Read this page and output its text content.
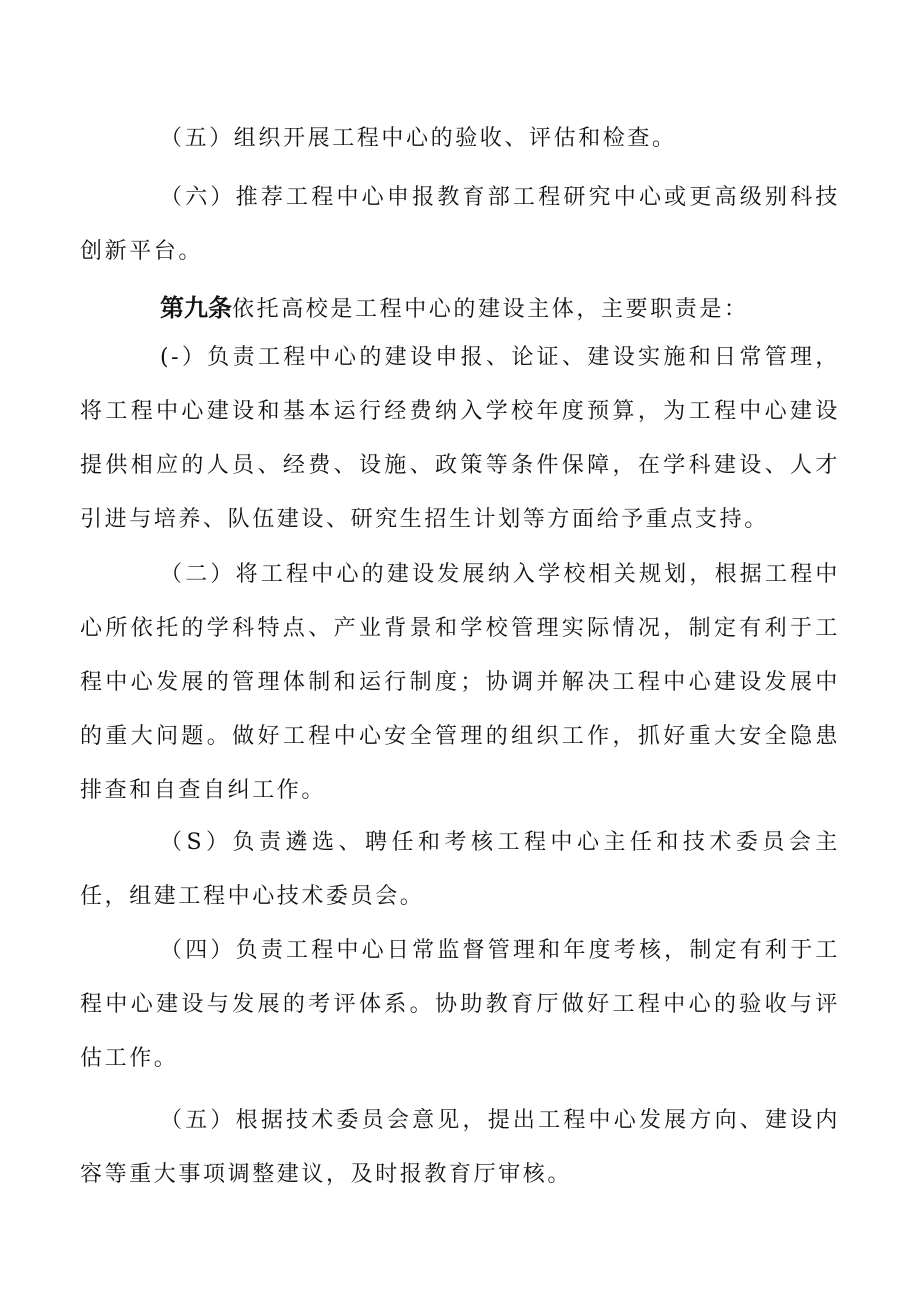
（五）组织开展工程中心的验收、评估和检查。

（六）推荐工程中心申报教育部工程研究中心或更高级别科技创新平台。

第九条依托高校是工程中心的建设主体，主要职责是：

(-）负责工程中心的建设申报、论证、建设实施和日常管理，将工程中心建设和基本运行经费纳入学校年度预算，为工程中心建设提供相应的人员、经费、设施、政策等条件保障，在学科建设、人才引进与培养、队伍建设、研究生招生计划等方面给予重点支持。

（二）将工程中心的建设发展纳入学校相关规划，根据工程中心所依托的学科特点、产业背景和学校管理实际情况，制定有利于工程中心发展的管理体制和运行制度；协调并解决工程中心建设发展中的重大问题。做好工程中心安全管理的组织工作，抓好重大安全隐患排查和自查自纠工作。

（S）负责遴选、聘任和考核工程中心主任和技术委员会主任，组建工程中心技术委员会。

（四）负责工程中心日常监督管理和年度考核，制定有利于工程中心建设与发展的考评体系。协助教育厅做好工程中心的验收与评估工作。

（五）根据技术委员会意见，提出工程中心发展方向、建设内容等重大事项调整建议，及时报教育厅审核。
